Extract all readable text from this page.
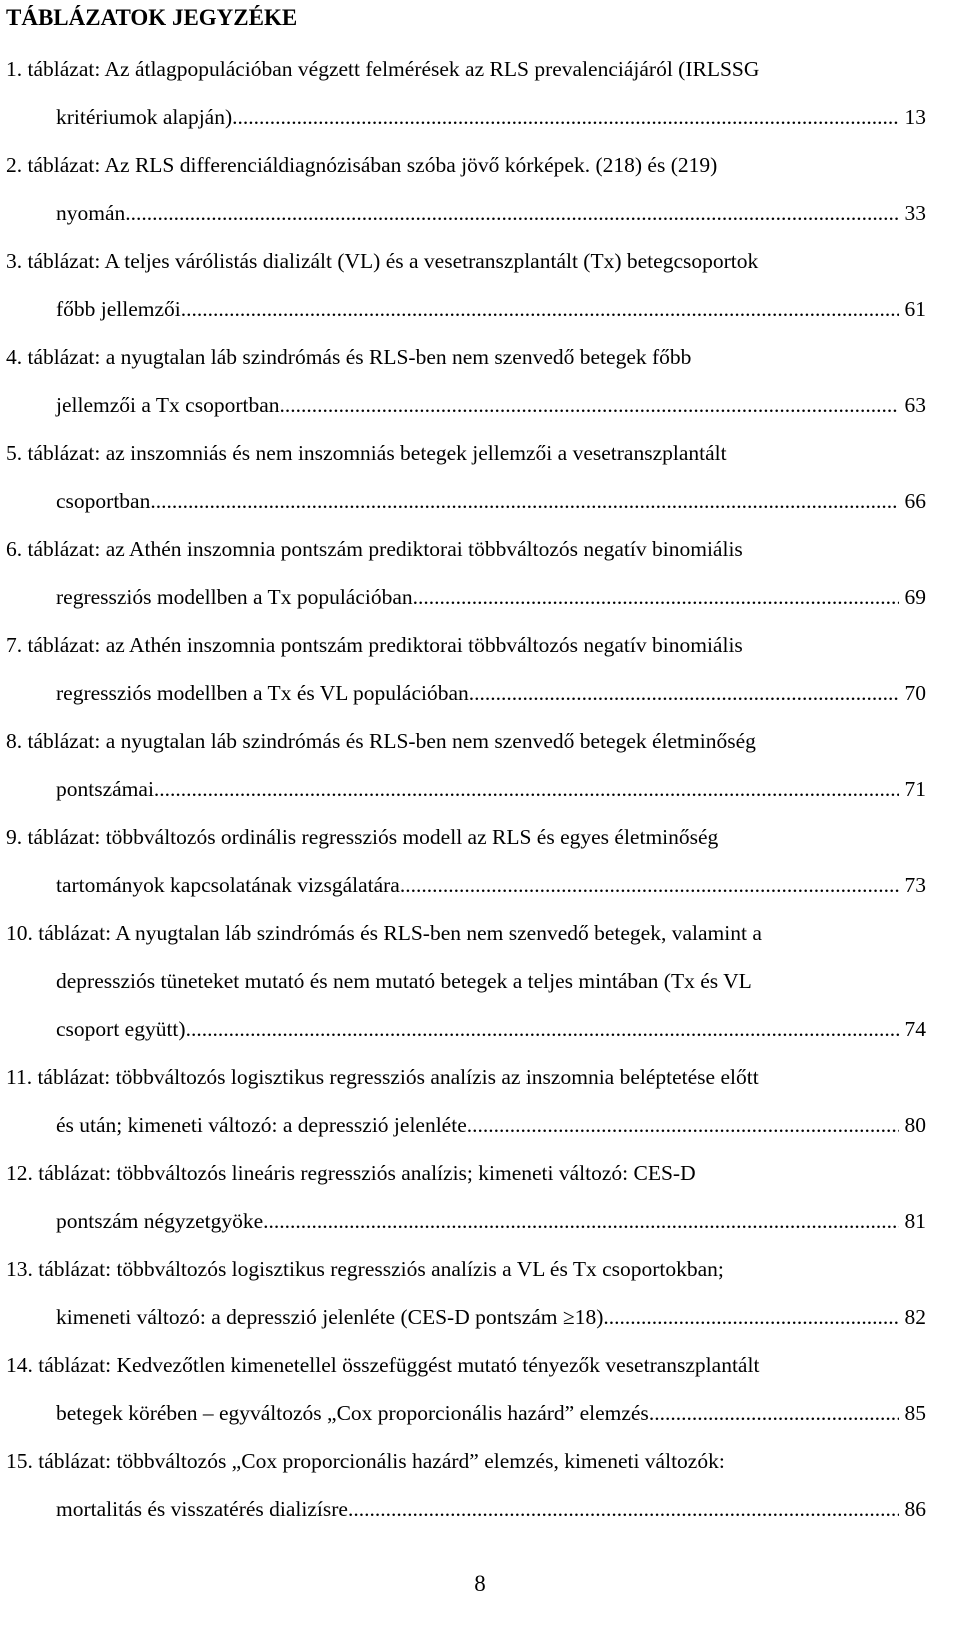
TÁBLÁZATOK JEGYZÉKE
1. táblázat: Az átlagpopulációban végzett felmérések az RLS prevalenciájáról (IRLSSG
kritériumok alapján) .....	13
2. táblázat: Az RLS differenciáldiagnózisában szóba jövő kórképek. (218) és (219)
nyomán .....	33
3. táblázat: A teljes várólistás dializált (VL) és a vesetranszplantált (Tx) betegcsoportok
főbb jellemzői .....	61
4. táblázat: a nyugtalan láb szindrómás és RLS-ben nem szenvedő betegek főbb
jellemzői a Tx csoportban .....	63
5. táblázat: az inszomniás és nem inszomniás betegek jellemzői a vesetranszplantált
csoportban .....	66
6. táblázat: az Athén inszomnia pontszám prediktorai többváltozós negatív binomiális
regressziós modellben a Tx populációban .....	69
7. táblázat: az Athén inszomnia pontszám prediktorai többváltozós negatív binomiális
regressziós modellben a Tx és VL populációban .....	70
8. táblázat: a nyugtalan láb szindrómás és RLS-ben nem szenvedő betegek életminőség
pontszámai .....	71
9. táblázat: többváltozós ordinális regressziós modell az RLS és egyes életminőség
tartományok kapcsolatának vizsgálatára .....	73
10. táblázat: A nyugtalan láb szindrómás és RLS-ben nem szenvedő betegek, valamint a
depressziós tüneteket mutató és nem mutató betegek a teljes mintában (Tx és VL
csoport együtt) .....	74
11. táblázat: többváltozós logisztikus regressziós analízis az inszomnia beléptetése előtt
és után; kimeneti változó: a depresszió jelenléte .....	80
12. táblázat: többváltozós lineáris regressziós analízis; kimeneti változó: CES-D
pontszám négyzetgyöke .....	81
13. táblázat: többváltozós logisztikus regressziós analízis a VL és Tx csoportokban;
kimeneti változó: a depresszió jelenléte (CES-D pontszám ≥18) .....	82
14. táblázat: Kedvezőtlen kimenetellel összefüggést mutató tényezők vesetranszplantált
betegek körében – egyváltozós „Cox proporcionális hazárd” elemzés .....	85
15. táblázat: többváltozós „Cox proporcionális hazárd” elemzés, kimeneti változók:
mortalitás és visszatérés dializísre .....	86
8
